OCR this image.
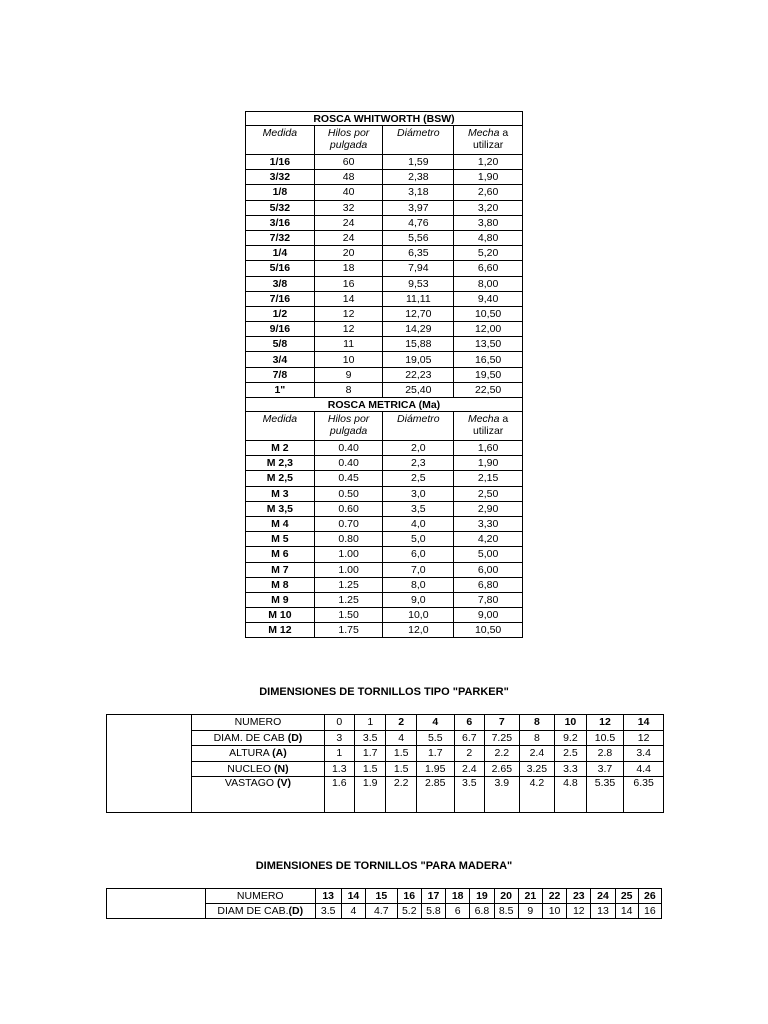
ROSCA WHITWORTH (BSW)			
Medida	Hilos por pulgada	Diámetro	Mecha a utilizar
1/16	60	1,59	1,20
3/32	48	2,38	1,90
1/8	40	3,18	2,60
5/32	32	3,97	3,20
3/16	24	4,76	3,80
7/32	24	5,56	4,80
1/4	20	6,35	5,20
5/16	18	7,94	6,60
3/8	16	9,53	8,00
7/16	14	11,11	9,40
1/2	12	12,70	10,50
9/16	12	14,29	12,00
5/8	11	15,88	13,50
3/4	10	19,05	16,50
7/8	9	22,23	19,50
1"	8	25,40	22,50
ROSCA METRICA (Ma)			
Medida	Hilos por pulgada	Diámetro	Mecha a utilizar
M 2	0.40	2,0	1,60
M 2,3	0.40	2,3	1,90
M 2,5	0.45	2,5	2,15
M 3	0.50	3,0	2,50
M 3,5	0.60	3,5	2,90
M 4	0.70	4,0	3,30
M 5	0.80	5,0	4,20
M 6	1.00	6,0	5,00
M 7	1.00	7,0	6,00
M 8	1.25	8,0	6,80
M 9	1.25	9,0	7,80
M 10	1.50	10,0	9,00
M 12	1.75	12,0	10,50
DIMENSIONES DE TORNILLOS TIPO "PARKER"
	NUMERO	0	1	2	4	6	7	8	10	12	14
	DIAM. DE CAB (D)	3	3.5	4	5.5	6.7	7.25	8	9.2	10.5	12
	ALTURA (A)	1	1.7	1.5	1.7	2	2.2	2.4	2.5	2.8	3.4
	NUCLEO (N)	1.3	1.5	1.5	1.95	2.4	2.65	3.25	3.3	3.7	4.4
	VASTAGO (V)	1.6	1.9	2.2	2.85	3.5	3.9	4.2	4.8	5.35	6.35
DIMENSIONES DE TORNILLOS "PARA MADERA"
	NUMERO	13	14	15	16	17	18	19	20	21	22	23	24	25	26
	DIAM DE CAB.(D)	3.5	4	4.7	5.2	5.8	6	6.8	8.5	9	10	12	13	14	16
